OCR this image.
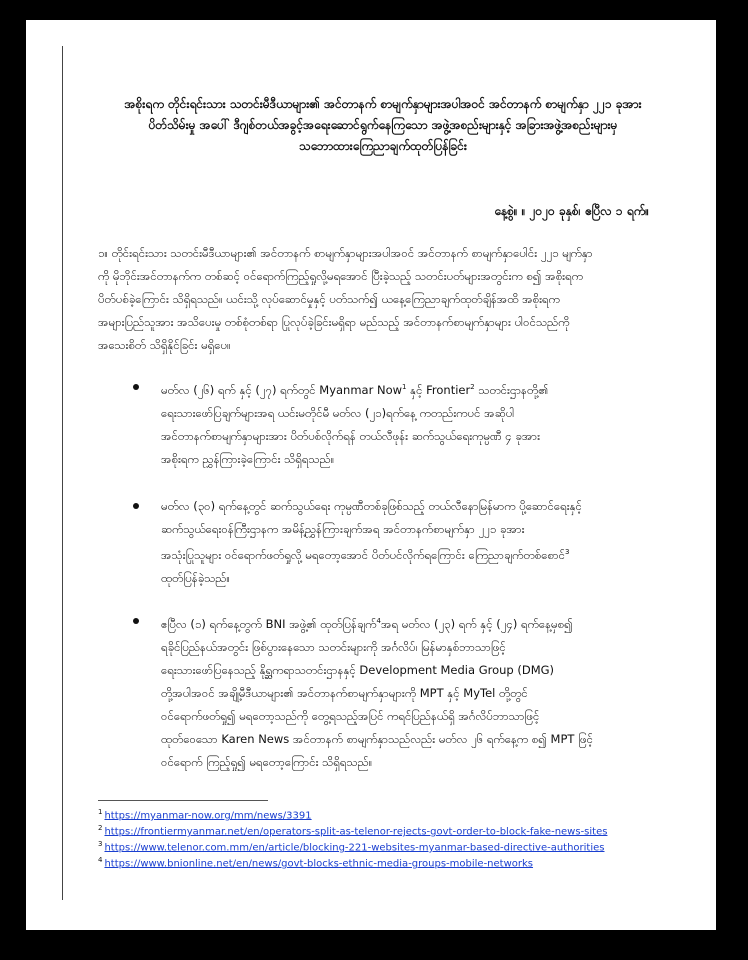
အစိုးရက တိုင်းရင်းသား သတင်းမီဒီယာများ၏ အင်တာနက် စာမျက်နှာများအပါအဝင် အင်တာနက် စာမျက်နှာ ၂၂၁ ခုအား
ပိတ်သိမ်းမှု အပေါ် ဒီဂျစ်တယ်အခွင့်အရေးဆောင်ရွက်နေကြသော အဖွဲ့အစည်းများနှင့် အခြားအဖွဲ့အစည်းများမှ
သဘောထားကြေညာချက်ထုတ်ပြန်ခြင်း
နေ့စွဲ။ ။ ၂၀၂၀ ခုနှစ်၊ ဧပြီလ ၁ ရက်။
၁။ တိုင်းရင်းသား သတင်းမီဒီယာများ၏ အင်တာနက် စာမျက်နှာများအပါအဝင် အင်တာနက် စာမျက်နှာပေါင်း ၂၂၁ မျက်နှာ
ကို မိုဘိုင်းအင်တာနက်က တစ်ဆင့် ဝင်ရောက်ကြည့်ရှုလို့မရအောင် ပြီးခဲ့သည့် သတင်းပတ်များအတွင်းက စ၍ အစိုးရက
ပိတ်ပစ်ခဲ့ကြောင်း သိရှိရသည်။ ယင်းသို့ လုပ်ဆောင်မှုနှင့် ပတ်သက်၍ ယနေ့ကြေညာချက်ထုတ်ချိန်အထိ အစိုးရက
အများပြည်သူအား အသိပေးမှု တစ်စုံတစ်ရာ ပြုလုပ်ခဲ့ခြင်းမရှိရာ မည်သည့် အင်တာနက်စာမျက်နှာများ ပါဝင်သည်ကို
အသေးစိတ် သိရှိနိုင်ခြင်း မရှိပေ။
မတ်လ (၂၆) ရက် နှင့် (၂၇) ရက်တွင် Myanmar Now$^1$ နှင့် Frontier$^2$ သတင်းဌာနတို့၏
ရေးသားဖော်ပြချက်များအရ ယင်းမတိုင်မီ မတ်လ (၂၁)ရက်နေ့ ကတည်းကပင် အဆိုပါ
အင်တာနက်စာမျက်နှာများအား ပိတ်ပစ်လိုက်ရန် တယ်လီဖုန်း ဆက်သွယ်ရေးကုမ္ပဏီ ၄ ခုအား
အစိုးရက ညွှန်ကြားခဲ့ကြောင်း သိရှိရသည်။
မတ်လ (၃၀) ရက်နေ့တွင် ဆက်သွယ်ရေး ကုမ္ပဏီတစ်ခုဖြစ်သည့် တယ်လီနောမြန်မာက ပို့ဆောင်ရေးနှင့်
ဆက်သွယ်ရေးဝန်ကြီးဌာနက အမိန့်ညွှန်ကြားချက်အရ အင်တာနက်စာမျက်နှာ ၂၂၁ ခုအား
အသုံးပြုသူများ ဝင်ရောက်ဖတ်ရှုလို့ မရတော့အောင် ပိတ်ပင်လိုက်ရကြောင်း ကြေညာချက်တစ်စောင်$^3$
ထုတ်ပြန်ခဲ့သည်။
ဧပြီလ (၁) ရက်နေ့တွက် BNI အဖွဲ့၏ ထုတ်ပြန်ချက်$^4$အရ မတ်လ (၂၃) ရက် နှင့် (၂၄) ရက်နေ့မှစ၍
ရခိုင်ပြည်နယ်အတွင်း ဖြစ်ပွားနေသော သတင်းများကို အင်္ဂလိပ်၊ မြန်မာနှစ်ဘာသာဖြင့်
ရေးသားဖော်ပြနေသည့် နိုရ္ဆကရာသတင်းဌာနနှင့် Development Media Group (DMG)
တို့အပါအဝင် အချို့မီဒီယာများ၏ အင်တာနက်စာမျက်နှာများကို MPT နှင့် MyTel တို့တွင်
ဝင်ရောက်ဖတ်ရှု၍ မရတော့သည်ကို တွေ့ရသည့်အပြင် ကရင်ပြည်နယ်ရှိ အင်္ဂလိပ်ဘာသာဖြင့်
ထုတ်ဝေသော Karen News အင်တာနက် စာမျက်နှာသည်လည်း မတ်လ ၂၆ ရက်နေ့က စ၍ MPT ဖြင့်
ဝင်ရောက် ကြည့်ရှု၍ မရတော့ကြောင်း သိရှိရသည်။
$^1$ https://myanmar-now.org/mm/news/3391
$^2$ https://frontiermyanmar.net/en/operators-split-as-telenor-rejects-govt-order-to-block-fake-news-sites
$^3$ https://www.telenor.com.mm/en/article/blocking-221-websites-myanmar-based-directive-authorities
$^4$ https://www.bnionline.net/en/news/govt-blocks-ethnic-media-groups-mobile-networks
